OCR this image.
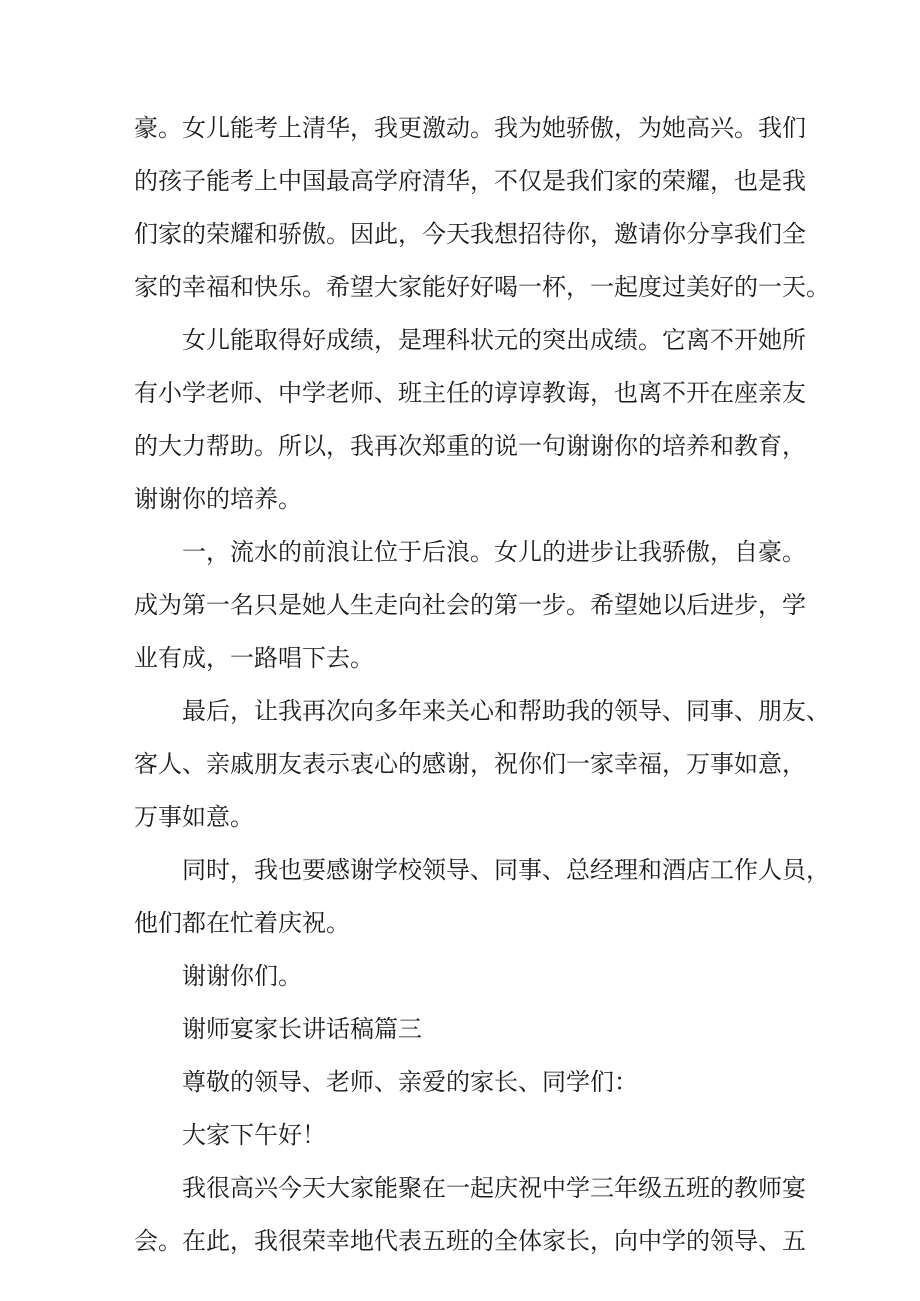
豪。女儿能考上清华，我更激动。我为她骄傲，为她高兴。我们
的孩子能考上中国最高学府清华，不仅是我们家的荣耀，也是我
们家的荣耀和骄傲。因此，今天我想招待你，邀请你分享我们全
家的幸福和快乐。希望大家能好好喝一杯，一起度过美好的一天。

女儿能取得好成绩，是理科状元的突出成绩。它离不开她所
有小学老师、中学老师、班主任的谆谆教诲，也离不开在座亲友
的大力帮助。所以，我再次郑重的说一句谢谢你的培养和教育，
谢谢你的培养。

一，流水的前浪让位于后浪。女儿的进步让我骄傲，自豪。
成为第一名只是她人生走向社会的第一步。希望她以后进步，学
业有成，一路唱下去。

最后，让我再次向多年来关心和帮助我的领导、同事、朋友、
客人、亲戚朋友表示衷心的感谢，祝你们一家幸福，万事如意，
万事如意。

同时，我也要感谢学校领导、同事、总经理和酒店工作人员，
他们都在忙着庆祝。

谢谢你们。

谢师宴家长讲话稿篇三

尊敬的领导、老师、亲爱的家长、同学们：

大家下午好！

我很高兴今天大家能聚在一起庆祝中学三年级五班的教师宴
会。在此，我很荣幸地代表五班的全体家长，向中学的领导、五
